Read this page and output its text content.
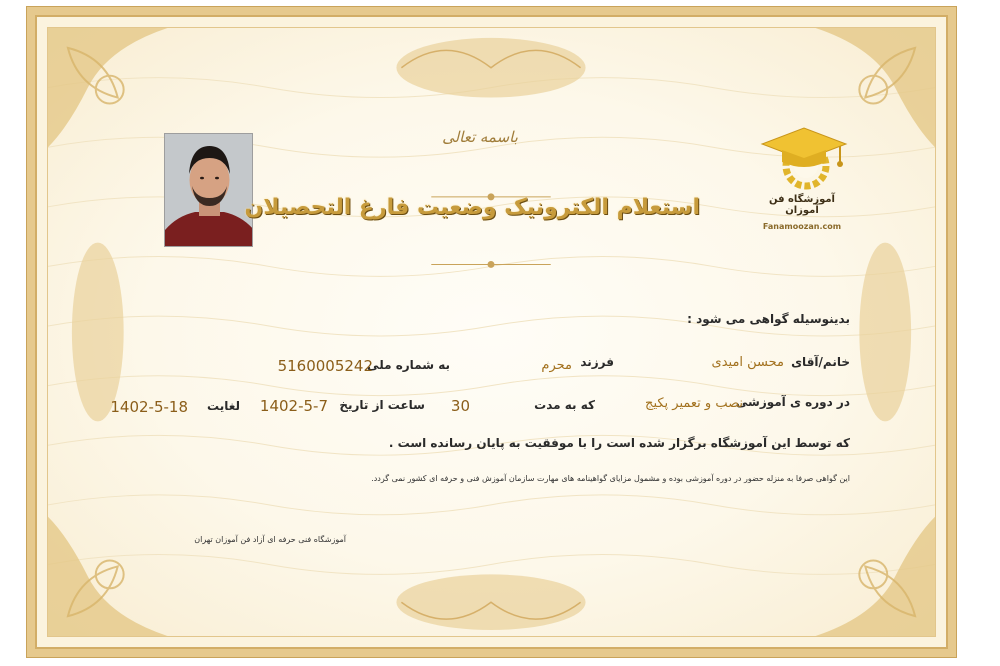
آموزشگاه فن آموزان
Fanamoozan.com
باسمه تعالی
استعلام الکترونیک وضعیت فارغ التحصیلان
بدینوسیله گواهی می شود :
خانم/آقای
محسن امیدی
فرزند
محرم
به شماره ملی
5160005242
در دوره ی آموزشی
نصب و تعمیر پکیج
که به مدت
30
ساعت از تاریخ
1402-5-7
لغایت
1402-5-18
که توسط این آموزشگاه برگزار شده است را با موفقیت به پایان رسانده است .
این گواهی صرفا به منزله حضور در دوره آموزشی بوده و مشمول مزایای گواهینامه های مهارت سازمان آموزش فنی و حرفه ای کشور نمی گردد.
آموزشگاه فنی حرفه ای آزاد فن آموزان تهران
